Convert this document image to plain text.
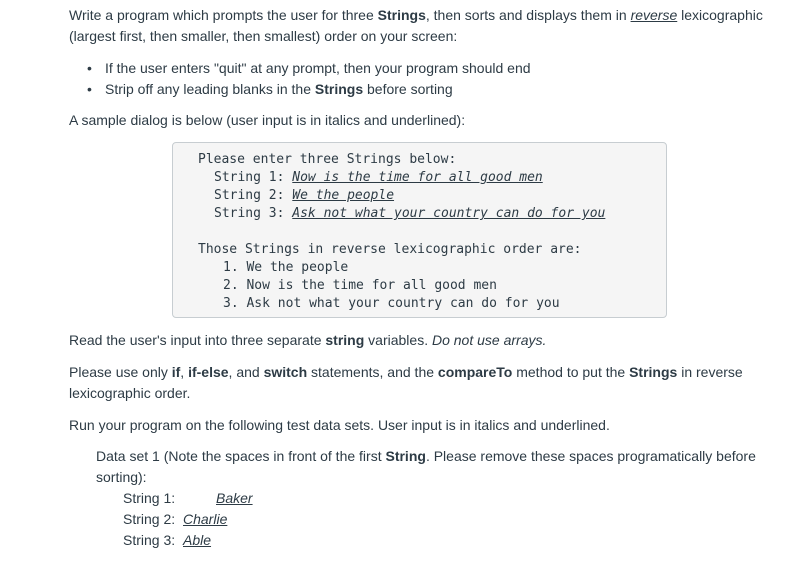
Write a program which prompts the user for three Strings, then sorts and displays them in reverse lexicographic (largest first, then smaller, then smallest) order on your screen:

• If the user enters "quit" at any prompt, then your program should end
• Strip off any leading blanks in the Strings before sorting

A sample dialog is below (user input is in italics and underlined):

Please enter three Strings below:
String 1: Now is the time for all good men
String 2: We the people
String 3: Ask not what your country can do for you
Those Strings in reverse lexicographic order are:
1. We the people
2. Now is the time for all good men
3. Ask not what your country can do for you

Read the user's input into three separate string variables. Do not use arrays.

Please use only if, if-else, and switch statements, and the compareTo method to put the Strings in reverse lexicographic order.

Run your program on the following test data sets. User input is in italics and underlined.

Data set 1 (Note the spaces in front of the first String. Please remove these spaces programatically before sorting):
String 1:	Baker
String 2: Charlie
String 3: Able
